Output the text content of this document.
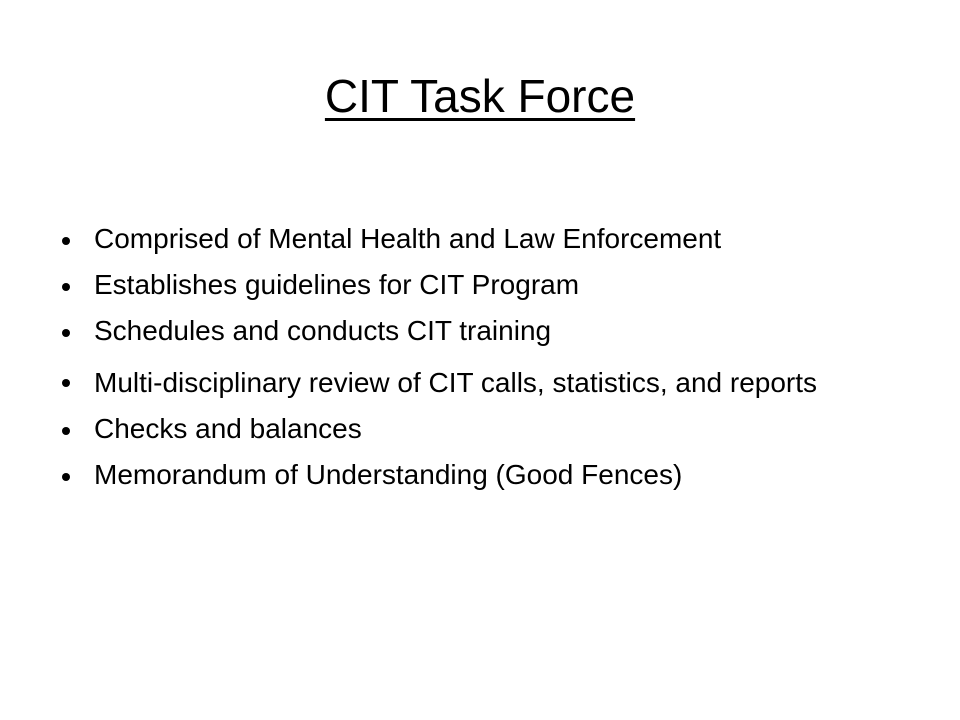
CIT Task Force
Comprised of Mental Health and Law Enforcement
Establishes guidelines for CIT Program
Schedules and conducts CIT training
Multi-disciplinary review of CIT calls, statistics, and reports
Checks and balances
Memorandum of Understanding (Good Fences)
